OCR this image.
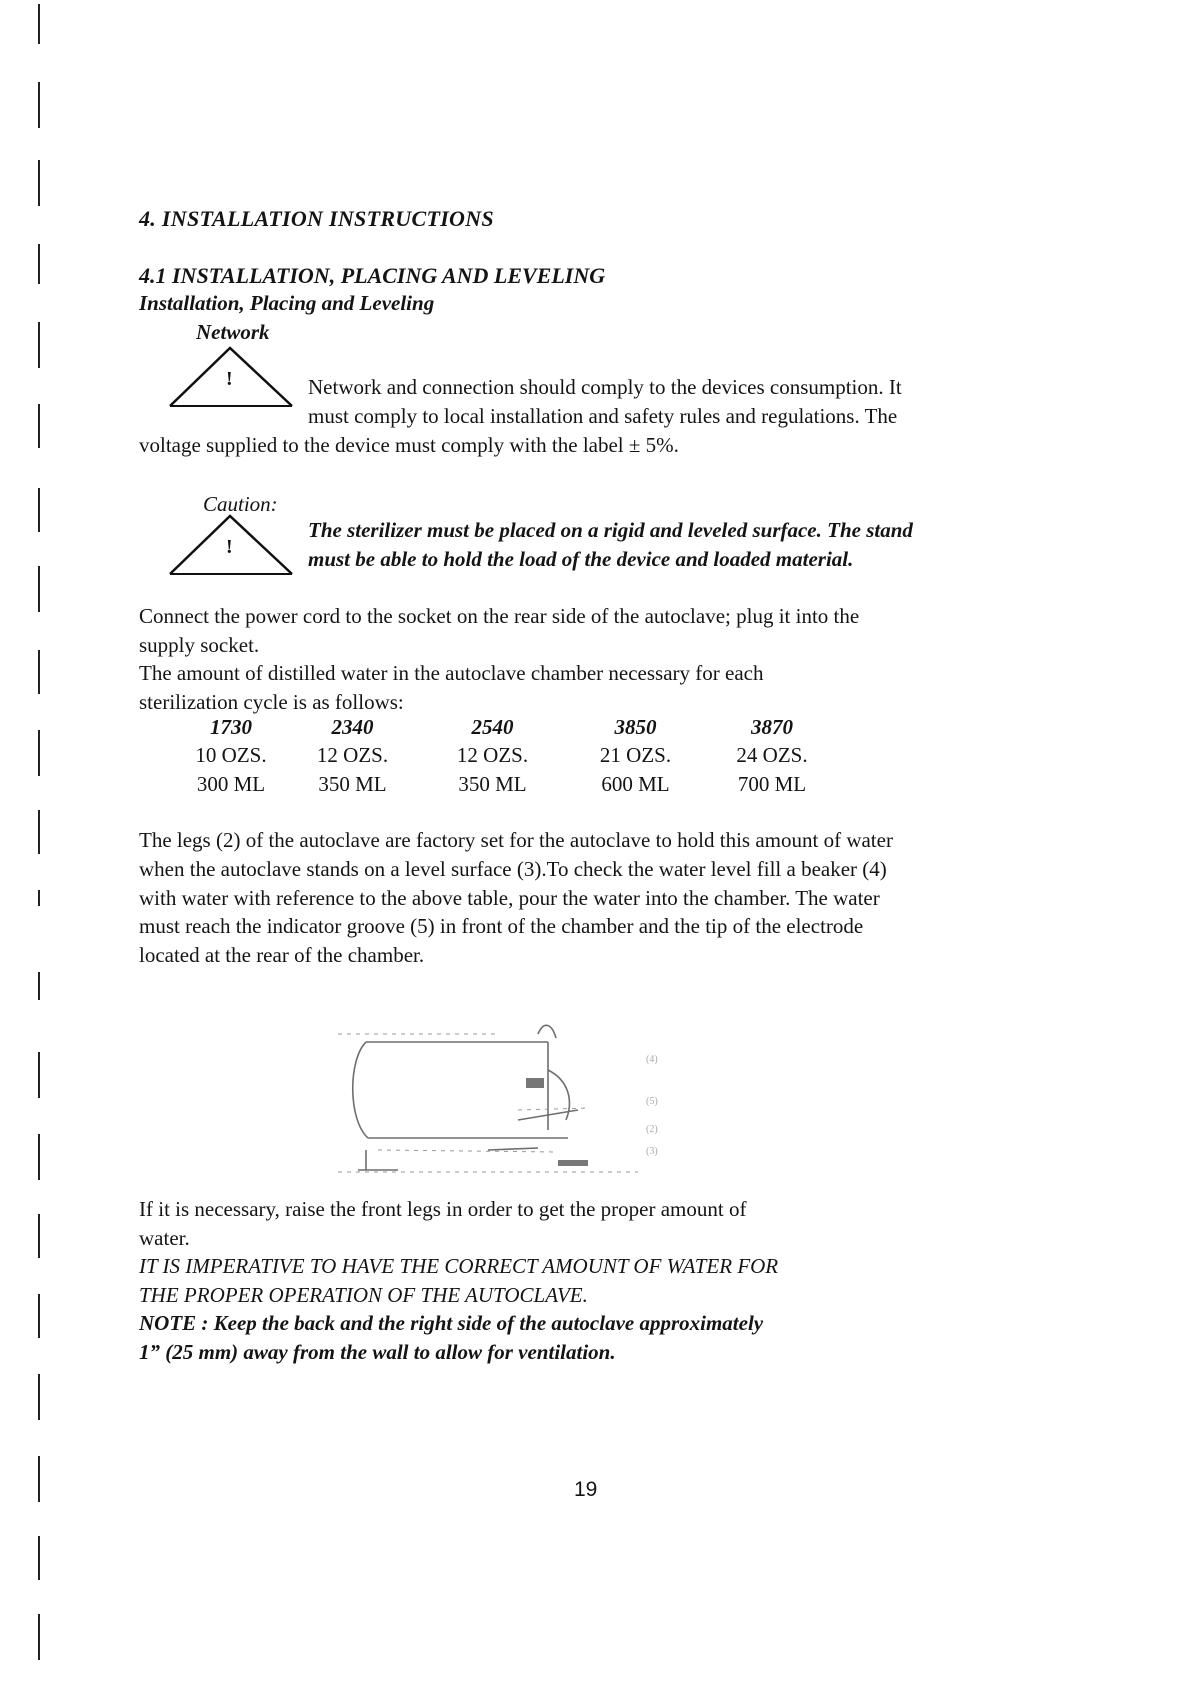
4. INSTALLATION INSTRUCTIONS
4.1 INSTALLATION, PLACING AND LEVELING
Installation, Placing and Leveling
Network
!	Network and connection should comply to the devices consumption. It
must comply to local installation and safety rules and regulations. The
voltage supplied to the device must comply with the label ± 5%.
Caution:
!
The sterilizer must be placed on a rigid and leveled surface. The stand
must be able to hold the load of the device and loaded material.
Connect the power cord to the socket on the rear side of the autoclave; plug it into the
supply socket.
The amount of distilled water in the autoclave chamber necessary for each
sterilization cycle is as follows:
1730	2340	2540	3850	3870
10 OZS.	12 OZS.	12 OZS.	21 OZS.	24 OZS.
300 ML	350 ML	350 ML	600 ML	700 ML
The legs (2) of the autoclave are factory set for the autoclave to hold this amount of water
when the autoclave stands on a level surface (3).To check the water level fill a beaker (4)
with water with reference to the above table, pour the water into the chamber. The water
must reach the indicator groove (5) in front of the chamber and the tip of the electrode
located at the rear of the chamber.
(4)
(5)
(2)
(3)
If it is necessary, raise the front legs in order to get the proper amount of
water.
IT IS IMPERATIVE TO HAVE THE CORRECT AMOUNT OF WATER FOR
THE PROPER OPERATION OF THE AUTOCLAVE.
NOTE : Keep the back and the right side of the autoclave approximately
1” (25 mm) away from the wall to allow for ventilation.
19
